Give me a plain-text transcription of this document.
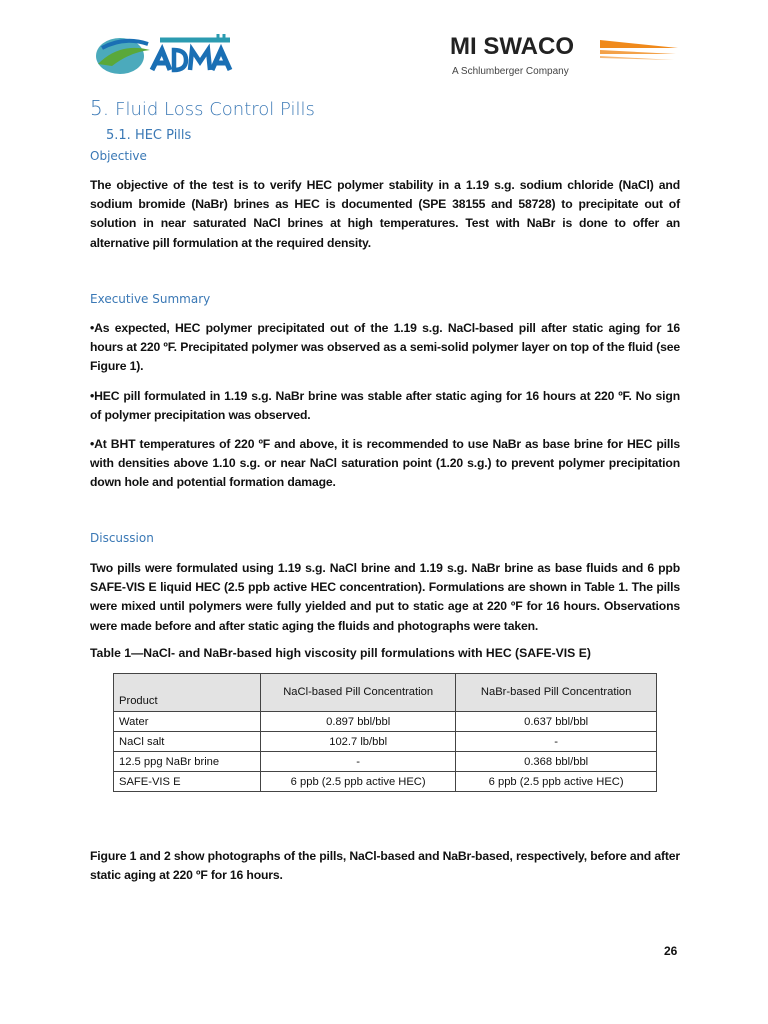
MI SWACO
A Schlumberger Company
5. Fluid Loss Control Pills
5.1. HEC Pills
Objective
The objective of the test is to verify HEC polymer stability in a 1.19 s.g. sodium chloride (NaCl) and sodium bromide (NaBr) brines as HEC is documented (SPE 38155 and 58728) to precipitate out of solution in near saturated NaCl brines at high temperatures. Test with NaBr is done to offer an alternative pill formulation at the required density.
Executive Summary
•As expected, HEC polymer precipitated out of the 1.19 s.g. NaCl-based pill after static aging for 16 hours at 220 ºF. Precipitated polymer was observed as a semi-solid polymer layer on top of the fluid (see Figure 1).
•HEC pill formulated in 1.19 s.g. NaBr brine was stable after static aging for 16 hours at 220 ºF. No sign of polymer precipitation was observed.
•At BHT temperatures of 220 ºF and above, it is recommended to use NaBr as base brine for HEC pills with densities above 1.10 s.g. or near NaCl saturation point (1.20 s.g.) to prevent polymer precipitation down hole and potential formation damage.
Discussion
Two pills were formulated using 1.19 s.g. NaCl brine and 1.19 s.g. NaBr brine as base fluids and 6 ppb SAFE-VIS E liquid HEC (2.5 ppb active HEC concentration). Formulations are shown in Table 1. The pills were mixed until polymers were fully yielded and put to static age at 220 ºF for 16 hours. Observations were made before and after static aging the fluids and photographs were taken.
Table 1—NaCl- and NaBr-based high viscosity pill formulations with HEC (SAFE-VIS E)
Product	NaCl-based Pill Concentration	NaBr-based Pill Concentration
Water	0.897 bbl/bbl	0.637 bbl/bbl
NaCl salt	102.7 lb/bbl	-
12.5 ppg NaBr brine	-	0.368 bbl/bbl
SAFE-VIS E	6 ppb (2.5 ppb active HEC)	6 ppb (2.5 ppb active HEC)
Figure 1 and 2 show photographs of the pills, NaCl-based and NaBr-based, respectively, before and after static aging at 220 ºF for 16 hours.
26
